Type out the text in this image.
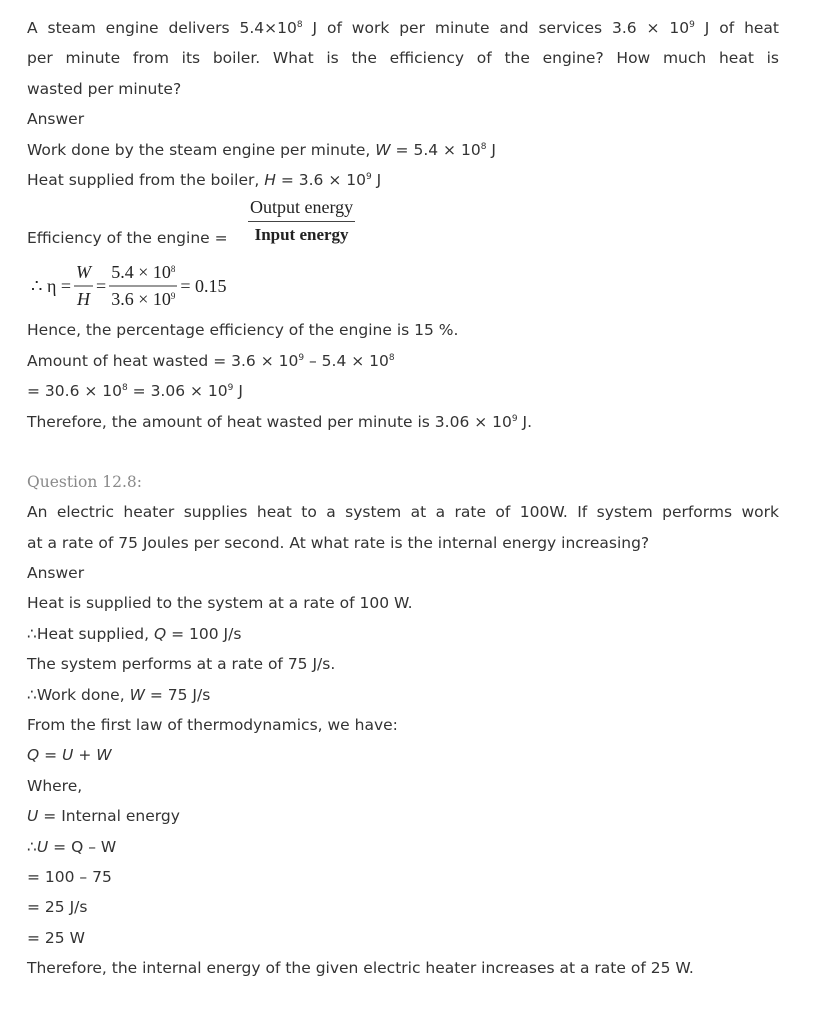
A steam engine delivers $5.4\times 10^8$ J of work per minute and services $3.6 \times 10^9$ J of heat
per minute from its boiler. What is the efficiency of the engine? How much heat is
wasted per minute?
Answer
Work done by the steam engine per minute, $W = 5.4 \times 10^8$ J
Heat supplied from the boiler, $H = 3.6 \times 10^9$ J
Efficiency of the engine =
Output energy
Input energy
∴ $\eta = \frac{W}{H} = \frac{5.4 \times 10^8}{3.6 \times 10^9} = 0.15$
Hence, the percentage efficiency of the engine is 15 %.
Amount of heat wasted = $3.6 \times 10^9 - 5.4 \times 10^8$
= $30.6 \times 10^8 = 3.06 \times 10^9$ J
Therefore, the amount of heat wasted per minute is $3.06 \times 10^9$ J.
Question 12.8:
An electric heater supplies heat to a system at a rate of 100W. If system performs work
at a rate of 75 Joules per second. At what rate is the internal energy increasing?
Answer
Heat is supplied to the system at a rate of 100 W.
∴Heat supplied, Q = 100 J/s
The system performs at a rate of 75 J/s.
∴Work done, W = 75 J/s
From the first law of thermodynamics, we have:
Q = U + W
Where,
U = Internal energy
∴U = Q – W
= 100 – 75
= 25 J/s
= 25 W
Therefore, the internal energy of the given electric heater increases at a rate of 25 W.
